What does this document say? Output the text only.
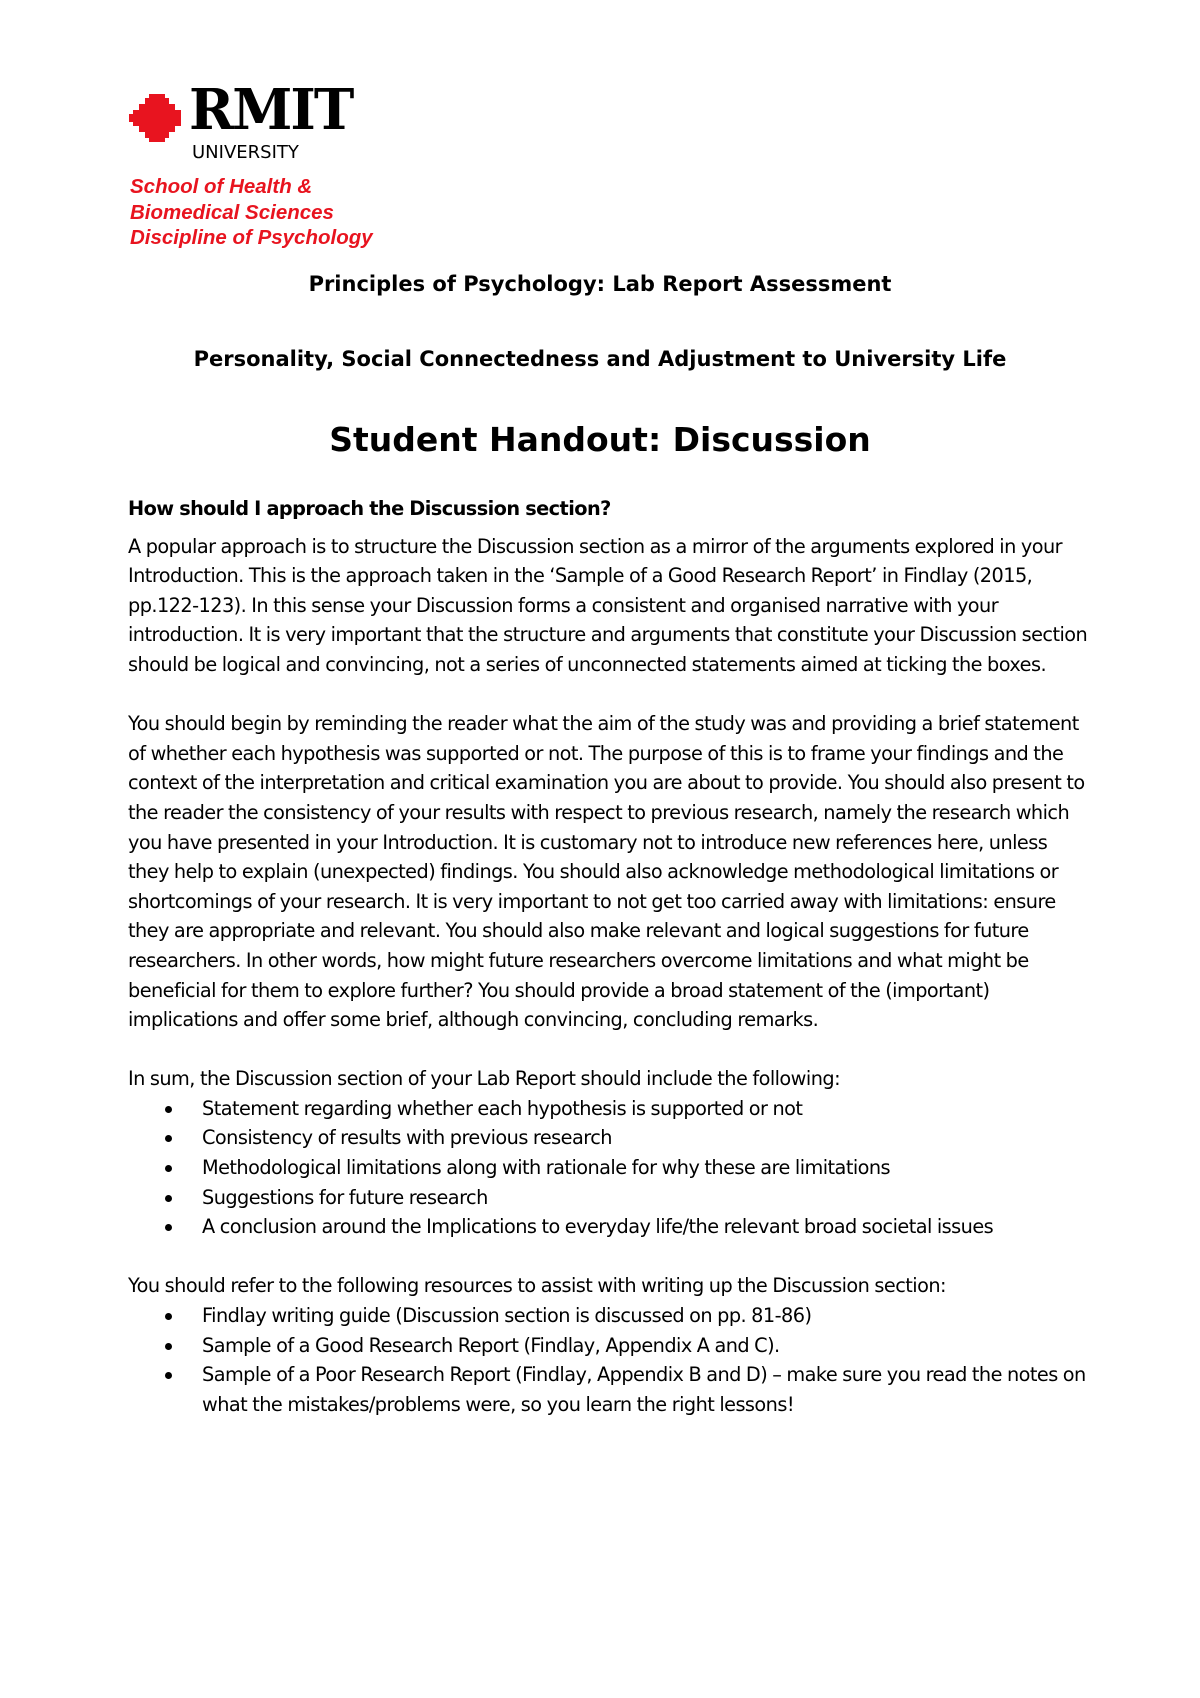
RMIT
UNIVERSITY
School of Health &
Biomedical Sciences
Discipline of Psychology
Principles of Psychology: Lab Report Assessment
Personality, Social Connectedness and Adjustment to University Life
Student Handout: Discussion

How should I approach the Discussion section?

A popular approach is to structure the Discussion section as a mirror of the arguments explored in your Introduction. This is the approach taken in the ‘Sample of a Good Research Report’ in Findlay (2015, pp.122-123). In this sense your Discussion forms a consistent and organised narrative with your introduction. It is very important that the structure and arguments that constitute your Discussion section should be logical and convincing, not a series of unconnected statements aimed at ticking the boxes.

You should begin by reminding the reader what the aim of the study was and providing a brief statement of whether each hypothesis was supported or not. The purpose of this is to frame your findings and the context of the interpretation and critical examination you are about to provide. You should also present to the reader the consistency of your results with respect to previous research, namely the research which you have presented in your Introduction. It is customary not to introduce new references here, unless they help to explain (unexpected) findings. You should also acknowledge methodological limitations or shortcomings of your research. It is very important to not get too carried away with limitations: ensure they are appropriate and relevant. You should also make relevant and logical suggestions for future researchers. In other words, how might future researchers overcome limitations and what might be beneficial for them to explore further? You should provide a broad statement of the (important) implications and offer some brief, although convincing, concluding remarks.

In sum, the Discussion section of your Lab Report should include the following:

Statement regarding whether each hypothesis is supported or not
Consistency of results with previous research
Methodological limitations along with rationale for why these are limitations
Suggestions for future research
A conclusion around the Implications to everyday life/the relevant broad societal issues

You should refer to the following resources to assist with writing up the Discussion section:

Findlay writing guide (Discussion section is discussed on pp. 81-86)
Sample of a Good Research Report (Findlay, Appendix A and C).
Sample of a Poor Research Report (Findlay, Appendix B and D) – make sure you read the notes on what the mistakes/problems were, so you learn the right lessons!
